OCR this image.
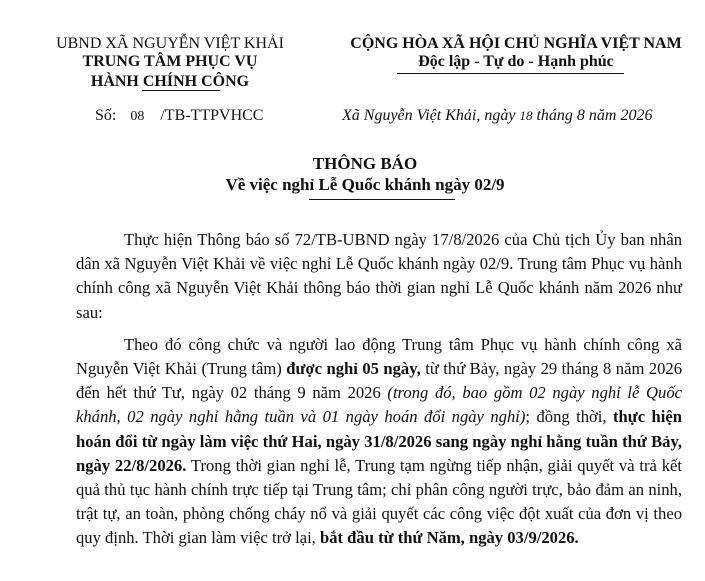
UBND XÃ NGUYỄN VIỆT KHẢI
TRUNG TÂM PHỤC VỤ
HÀNH CHÍNH CÔNG
CỘNG HÒA XÃ HỘI CHỦ NGHĨA VIỆT NAM
Độc lập - Tự do - Hạnh phúc
Số: 08 /TB-TTPVHCC	Xã Nguyễn Việt Khải, ngày 18 tháng 8 năm 2026
THÔNG BÁO
Về việc nghỉ Lễ Quốc khánh ngày 02/9

Thực hiện Thông báo số 72/TB-UBND ngày 17/8/2026 của Chủ tịch Ủy ban nhân dân xã Nguyễn Việt Khải về việc nghỉ Lễ Quốc khánh ngày 02/9. Trung tâm Phục vụ hành chính công xã Nguyễn Việt Khải thông báo thời gian nghỉ Lễ Quốc khánh năm 2026 như sau:

Theo đó công chức và người lao động Trung tâm Phục vụ hành chính công xã Nguyễn Việt Khải (Trung tâm) được nghỉ 05 ngày, từ thứ Bảy, ngày 29 tháng 8 năm 2026 đến hết thứ Tư, ngày 02 tháng 9 năm 2026 (trong đó, bao gồm 02 ngày nghỉ lễ Quốc khánh, 02 ngày nghỉ hằng tuần và 01 ngày hoán đổi ngày nghỉ); đồng thời, thực hiện hoán đổi từ ngày làm việc thứ Hai, ngày 31/8/2026 sang ngày nghỉ hằng tuần thứ Bảy, ngày 22/8/2026. Trong thời gian nghỉ lễ, Trung tạm ngừng tiếp nhận, giải quyết và trả kết quả thủ tục hành chính trực tiếp tại Trung tâm; chỉ phân công người trực, bảo đảm an ninh, trật tự, an toàn, phòng chống cháy nổ và giải quyết các công việc đột xuất của đơn vị theo quy định. Thời gian làm việc trở lại, bắt đầu từ thứ Năm, ngày 03/9/2026.
